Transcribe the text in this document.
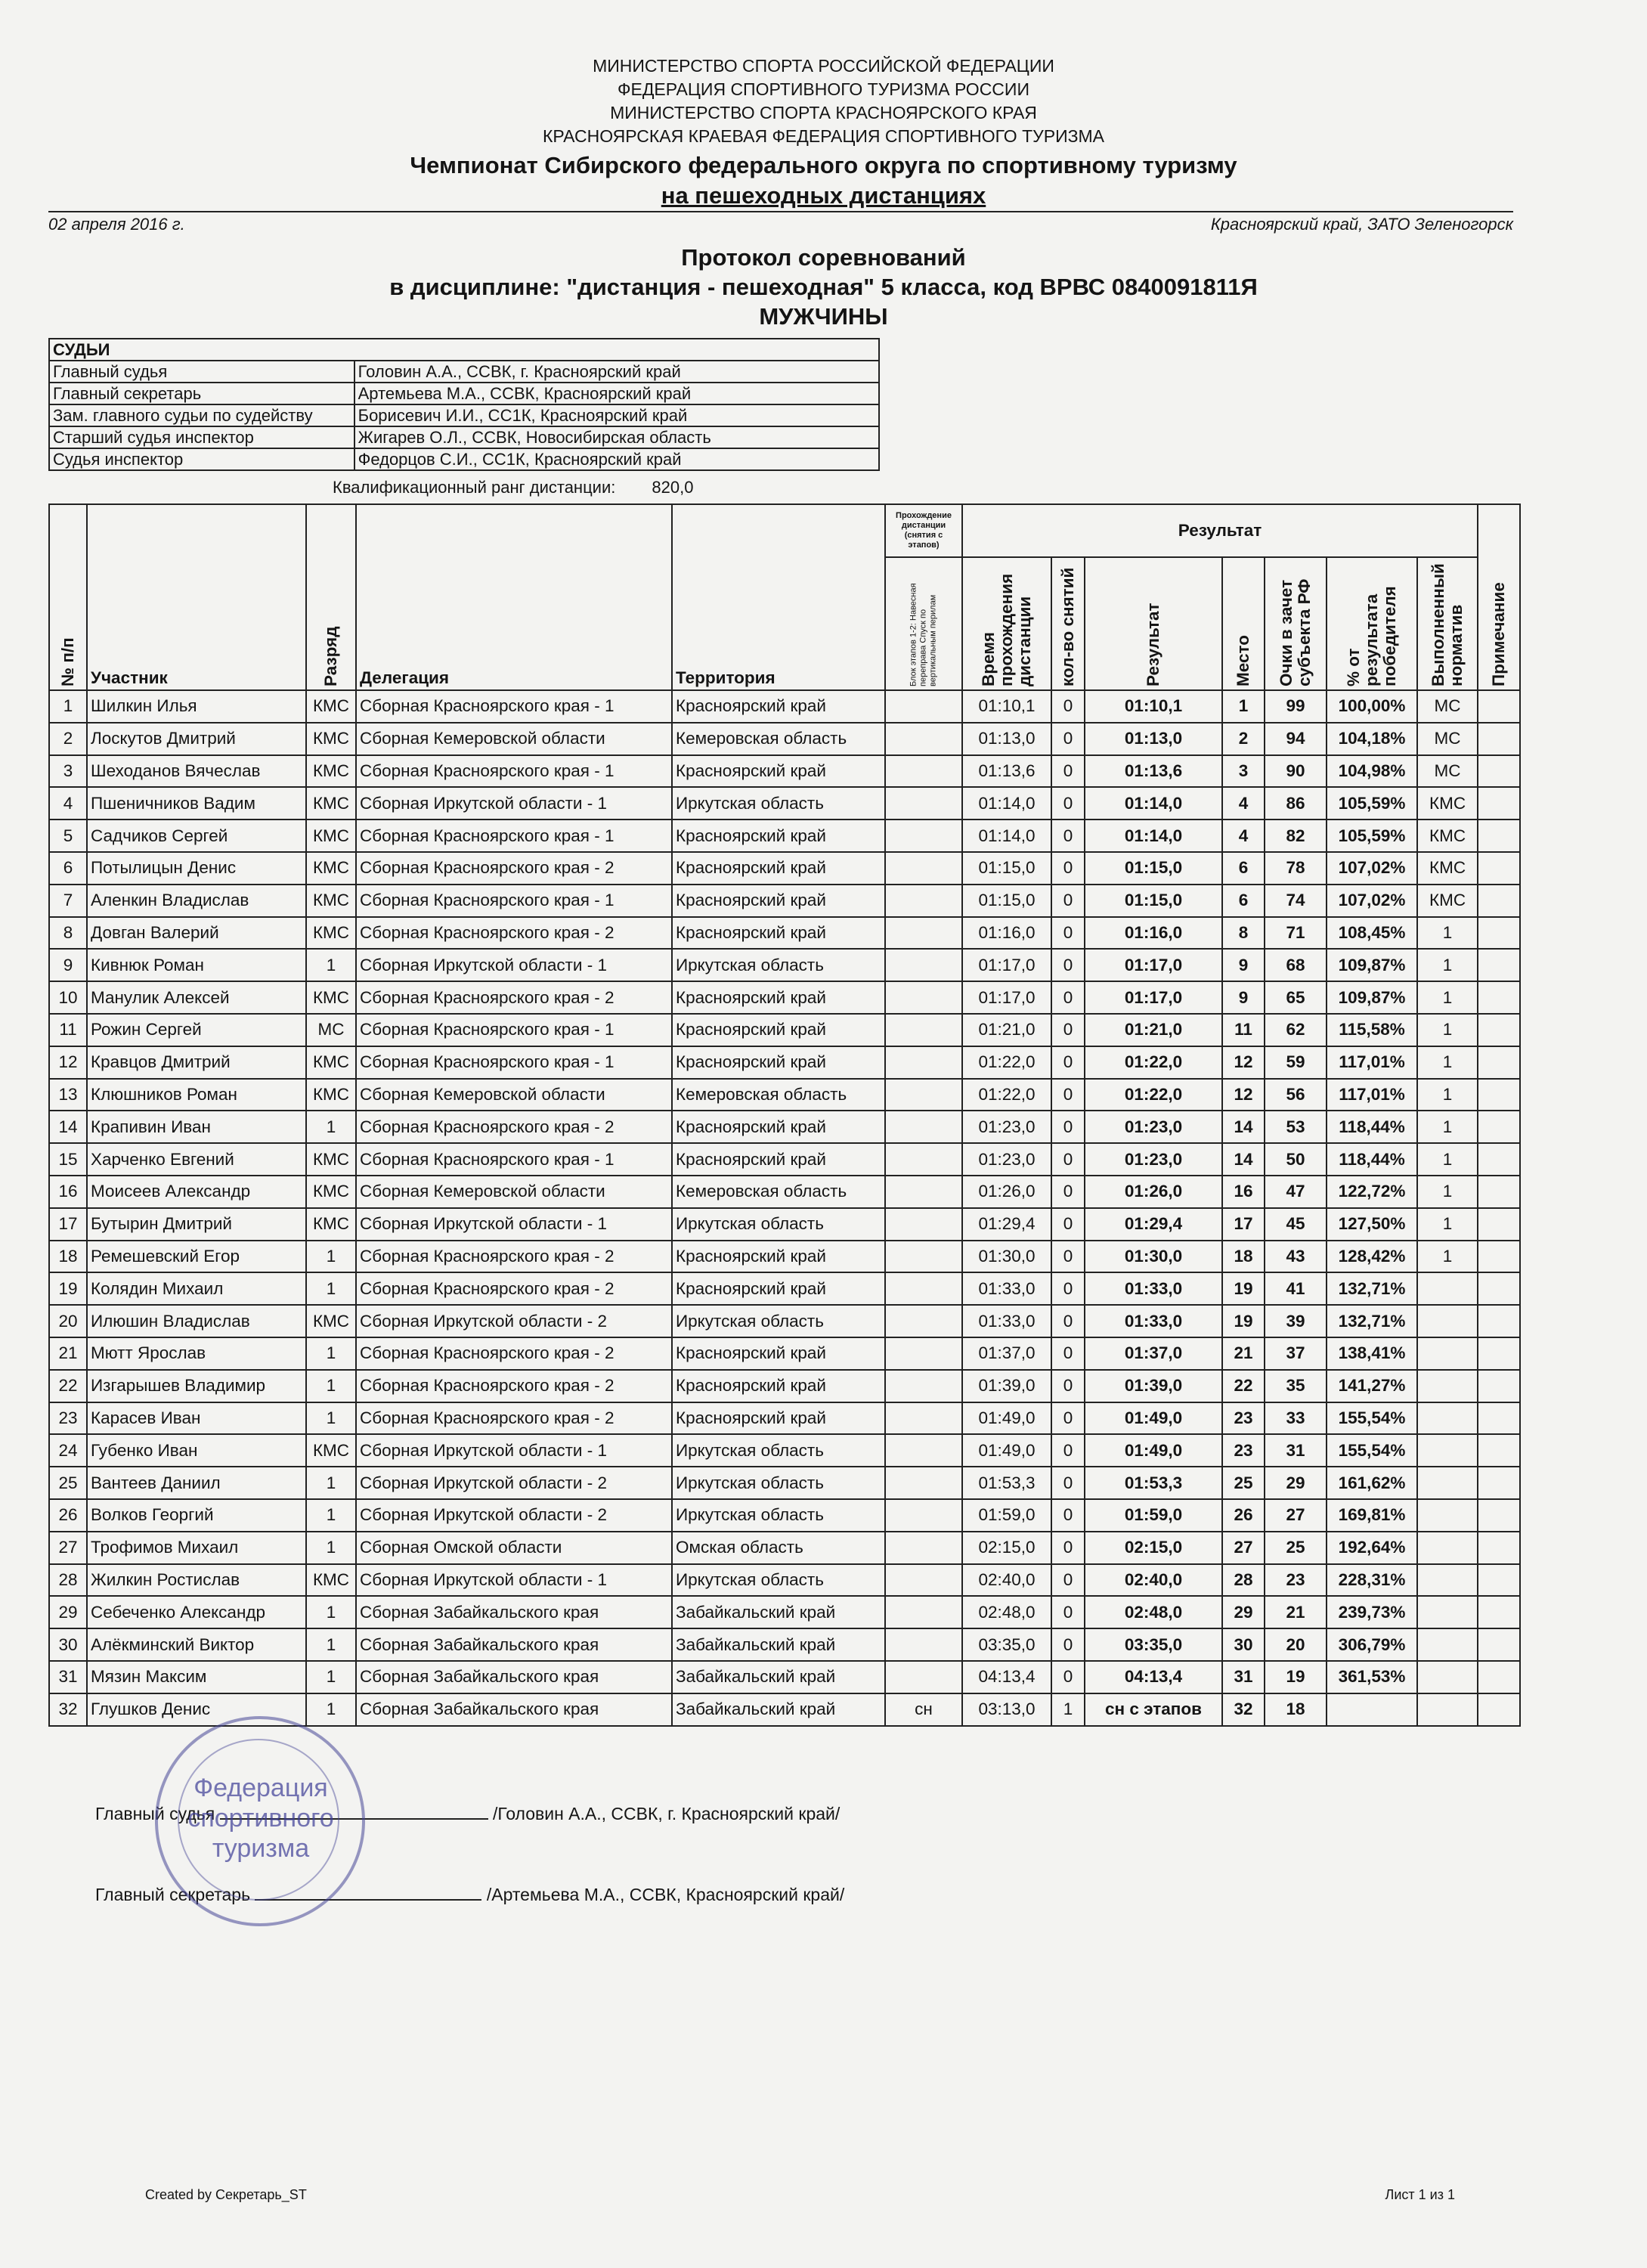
МИНИСТЕРСТВО СПОРТА РОССИЙСКОЙ ФЕДЕРАЦИИ
ФЕДЕРАЦИЯ СПОРТИВНОГО ТУРИЗМА РОССИИ
МИНИСТЕРСТВО СПОРТА КРАСНОЯРСКОГО КРАЯ
КРАСНОЯРСКАЯ КРАЕВАЯ ФЕДЕРАЦИЯ СПОРТИВНОГО ТУРИЗМА
Чемпионат Сибирского федерального округа по спортивному туризму
на пешеходных дистанциях
02 апреля 2016 г.	Красноярский край, ЗАТО Зеленогорск
Протокол соревнований
в дисциплине: "дистанция - пешеходная" 5 класса, код ВРВС 0840091811Я
МУЖЧИНЫ
СУДЬИ	
Главный судья	Головин А.А., ССВК, г. Красноярский край
Главный секретарь	Артемьева М.А., ССВК, Красноярский край
Зам. главного судьи по судейству	Борисевич И.И., СС1К, Красноярский край
Старший судья инспектор	Жигарев О.Л., ССВК, Новосибирская область
Судья инспектор	Федорцов С.И., СС1К, Красноярский край
Квалификационный ранг дистанции: 820,0
№ п/п	Участник	Разряд	Делегация	Территория	Прохождение дистанции (снятия с этапов)	Результат							Примечание

					Блок этапов 1-2: Навесная переправа Спуск по вертикальным перилам	Время прохождения дистанции	кол-во снятий	Результат	Место	Очки в зачет субъекта РФ	% от результата победителя	Выполненный норматив	

1	Шилкин Илья	КМС	Сборная Красноярского края - 1	Красноярский край		01:10,1	0	01:10,1	1	99	100,00%	МС	
2	Лоскутов Дмитрий	КМС	Сборная Кемеровской области	Кемеровская область		01:13,0	0	01:13,0	2	94	104,18%	МС	
3	Шеходанов Вячеслав	КМС	Сборная Красноярского края - 1	Красноярский край		01:13,6	0	01:13,6	3	90	104,98%	МС	
4	Пшеничников Вадим	КМС	Сборная Иркутской области - 1	Иркутская область		01:14,0	0	01:14,0	4	86	105,59%	КМС	
5	Садчиков Сергей	КМС	Сборная Красноярского края - 1	Красноярский край		01:14,0	0	01:14,0	4	82	105,59%	КМС	
6	Потылицын Денис	КМС	Сборная Красноярского края - 2	Красноярский край		01:15,0	0	01:15,0	6	78	107,02%	КМС	
7	Аленкин Владислав	КМС	Сборная Красноярского края - 1	Красноярский край		01:15,0	0	01:15,0	6	74	107,02%	КМС	
8	Довган Валерий	КМС	Сборная Красноярского края - 2	Красноярский край		01:16,0	0	01:16,0	8	71	108,45%	1	
9	Кивнюк Роман	1	Сборная Иркутской области - 1	Иркутская область		01:17,0	0	01:17,0	9	68	109,87%	1	
10	Манулик Алексей	КМС	Сборная Красноярского края - 2	Красноярский край		01:17,0	0	01:17,0	9	65	109,87%	1	
11	Рожин Сергей	МС	Сборная Красноярского края - 1	Красноярский край		01:21,0	0	01:21,0	11	62	115,58%	1	
12	Кравцов Дмитрий	КМС	Сборная Красноярского края - 1	Красноярский край		01:22,0	0	01:22,0	12	59	117,01%	1	
13	Клюшников Роман	КМС	Сборная Кемеровской области	Кемеровская область		01:22,0	0	01:22,0	12	56	117,01%	1	
14	Крапивин Иван	1	Сборная Красноярского края - 2	Красноярский край		01:23,0	0	01:23,0	14	53	118,44%	1	
15	Харченко Евгений	КМС	Сборная Красноярского края - 1	Красноярский край		01:23,0	0	01:23,0	14	50	118,44%	1	
16	Моисеев Александр	КМС	Сборная Кемеровской области	Кемеровская область		01:26,0	0	01:26,0	16	47	122,72%	1	
17	Бутырин Дмитрий	КМС	Сборная Иркутской области - 1	Иркутская область		01:29,4	0	01:29,4	17	45	127,50%	1	
18	Ремешевский Егор	1	Сборная Красноярского края - 2	Красноярский край		01:30,0	0	01:30,0	18	43	128,42%	1	
19	Колядин Михаил	1	Сборная Красноярского края - 2	Красноярский край		01:33,0	0	01:33,0	19	41	132,71%		
20	Илюшин Владислав	КМС	Сборная Иркутской области - 2	Иркутская область		01:33,0	0	01:33,0	19	39	132,71%		
21	Мютт Ярослав	1	Сборная Красноярского края - 2	Красноярский край		01:37,0	0	01:37,0	21	37	138,41%		
22	Изгарышев Владимир	1	Сборная Красноярского края - 2	Красноярский край		01:39,0	0	01:39,0	22	35	141,27%		
23	Карасев Иван	1	Сборная Красноярского края - 2	Красноярский край		01:49,0	0	01:49,0	23	33	155,54%		
24	Губенко Иван	КМС	Сборная Иркутской области - 1	Иркутская область		01:49,0	0	01:49,0	23	31	155,54%		
25	Вантеев Даниил	1	Сборная Иркутской области - 2	Иркутская область		01:53,3	0	01:53,3	25	29	161,62%		
26	Волков Георгий	1	Сборная Иркутской области - 2	Иркутская область		01:59,0	0	01:59,0	26	27	169,81%		
27	Трофимов Михаил	1	Сборная Омской области	Омская область		02:15,0	0	02:15,0	27	25	192,64%		
28	Жилкин Ростислав	КМС	Сборная Иркутской области - 1	Иркутская область		02:40,0	0	02:40,0	28	23	228,31%		
29	Себеченко Александр	1	Сборная Забайкальского края	Забайкальский край		02:48,0	0	02:48,0	29	21	239,73%		
30	Алёкминский Виктор	1	Сборная Забайкальского края	Забайкальский край		03:35,0	0	03:35,0	30	20	306,79%		
31	Мязин Максим	1	Сборная Забайкальского края	Забайкальский край		04:13,4	0	04:13,4	31	19	361,53%		
32	Глушков Денис	1	Сборная Забайкальского края	Забайкальский край	сн	03:13,0	1	сн с этапов	32	18			
Главный судья	/Головин А.А., ССВК, г. Красноярский край/
Главный секретарь	/Артемьева М.А., ССВК, Красноярский край/
Федерация спортивного туризма
Created by Секретарь_ST	Лист 1 из 1
